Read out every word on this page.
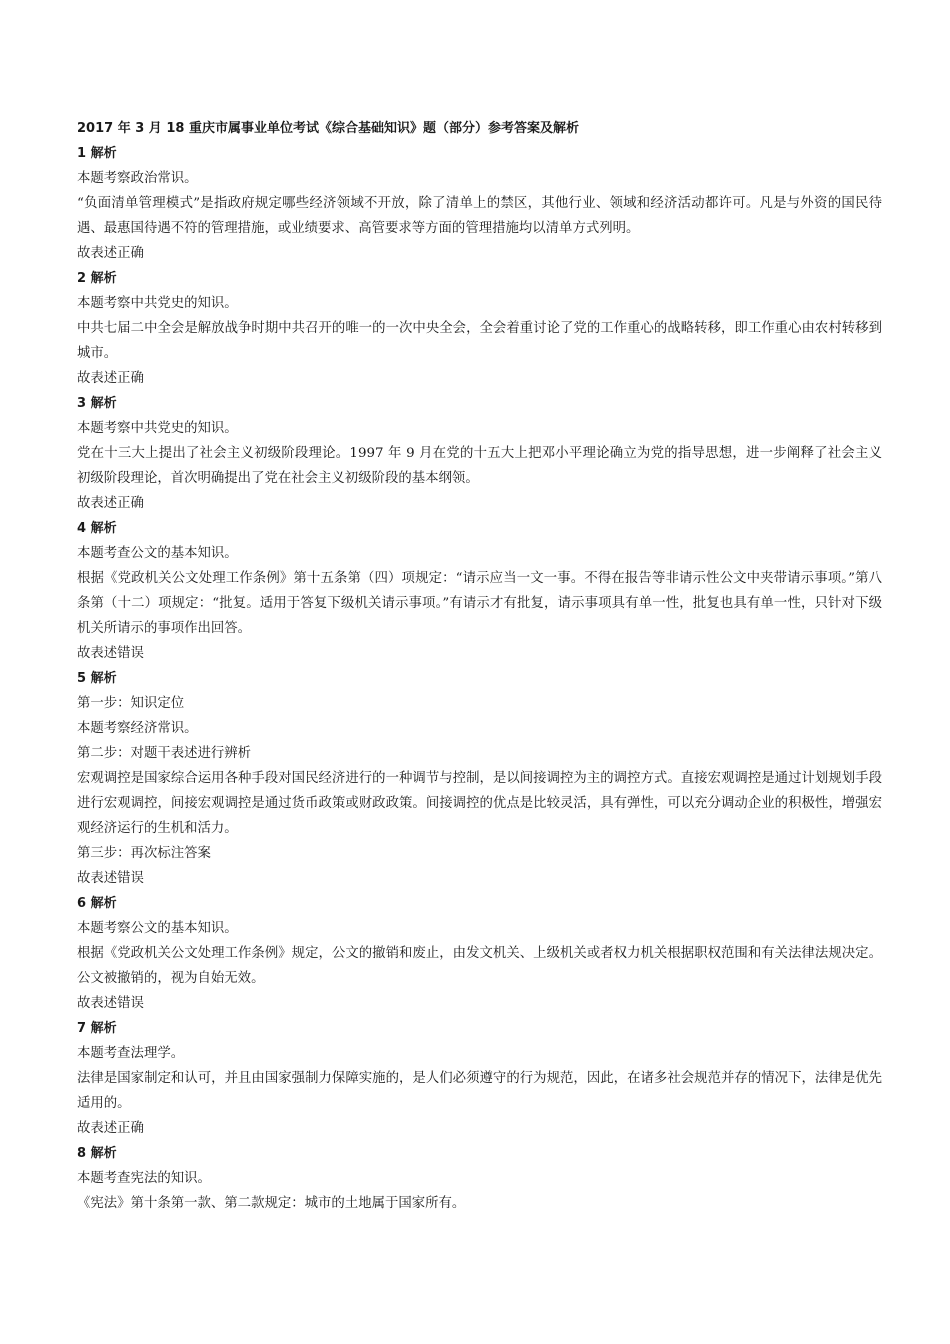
2017 年 3 月 18 重庆市属事业单位考试《综合基础知识》题（部分）参考答案及解析

1 解析

本题考察政治常识。

“负面清单管理模式”是指政府规定哪些经济领域不开放，除了清单上的禁区，其他行业、领域和经济活动都许可。凡是与外资的国民待遇、最惠国待遇不符的管理措施，或业绩要求、高管要求等方面的管理措施均以清单方式列明。

故表述正确

2 解析

本题考察中共党史的知识。

中共七届二中全会是解放战争时期中共召开的唯一的一次中央全会，全会着重讨论了党的工作重心的战略转移，即工作重心由农村转移到城市。

故表述正确

3 解析

本题考察中共党史的知识。

党在十三大上提出了社会主义初级阶段理论。1997 年 9 月在党的十五大上把邓小平理论确立为党的指导思想，进一步阐释了社会主义初级阶段理论，首次明确提出了党在社会主义初级阶段的基本纲领。

故表述正确

4 解析

本题考查公文的基本知识。

根据《党政机关公文处理工作条例》第十五条第（四）项规定：“请示应当一文一事。不得在报告等非请示性公文中夹带请示事项。”第八条第（十二）项规定：“批复。适用于答复下级机关请示事项。”有请示才有批复，请示事项具有单一性，批复也具有单一性，只针对下级机关所请示的事项作出回答。

故表述错误

5 解析

第一步：知识定位

本题考察经济常识。

第二步：对题干表述进行辨析

宏观调控是国家综合运用各种手段对国民经济进行的一种调节与控制，是以间接调控为主的调控方式。直接宏观调控是通过计划规划手段进行宏观调控，间接宏观调控是通过货币政策或财政政策。间接调控的优点是比较灵活，具有弹性，可以充分调动企业的积极性，增强宏观经济运行的生机和活力。

第三步：再次标注答案

故表述错误

6 解析

本题考察公文的基本知识。

根据《党政机关公文处理工作条例》规定，公文的撤销和废止，由发文机关、上级机关或者权力机关根据职权范围和有关法律法规决定。公文被撤销的，视为自始无效。

故表述错误

7 解析

本题考查法理学。

法律是国家制定和认可，并且由国家强制力保障实施的，是人们必须遵守的行为规范，因此，在诸多社会规范并存的情况下，法律是优先适用的。

故表述正确

8 解析

本题考查宪法的知识。

《宪法》第十条第一款、第二款规定：城市的土地属于国家所有。
